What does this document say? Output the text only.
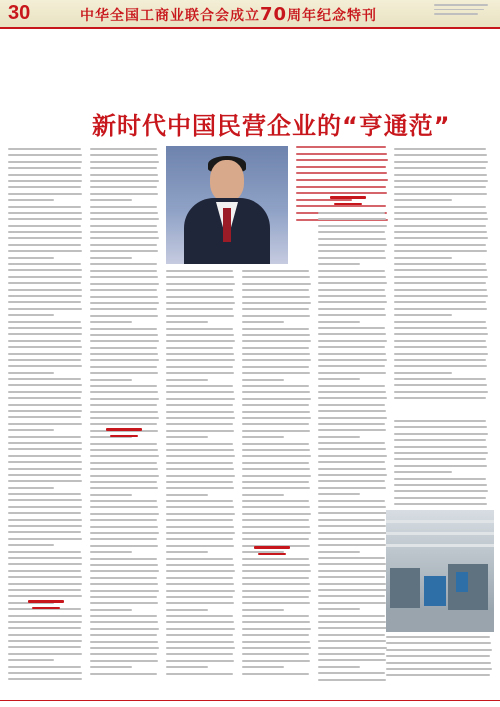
30	中华全国工商业联合会成立70周年纪念特刊
新时代中国民营企业的“亨通范”
